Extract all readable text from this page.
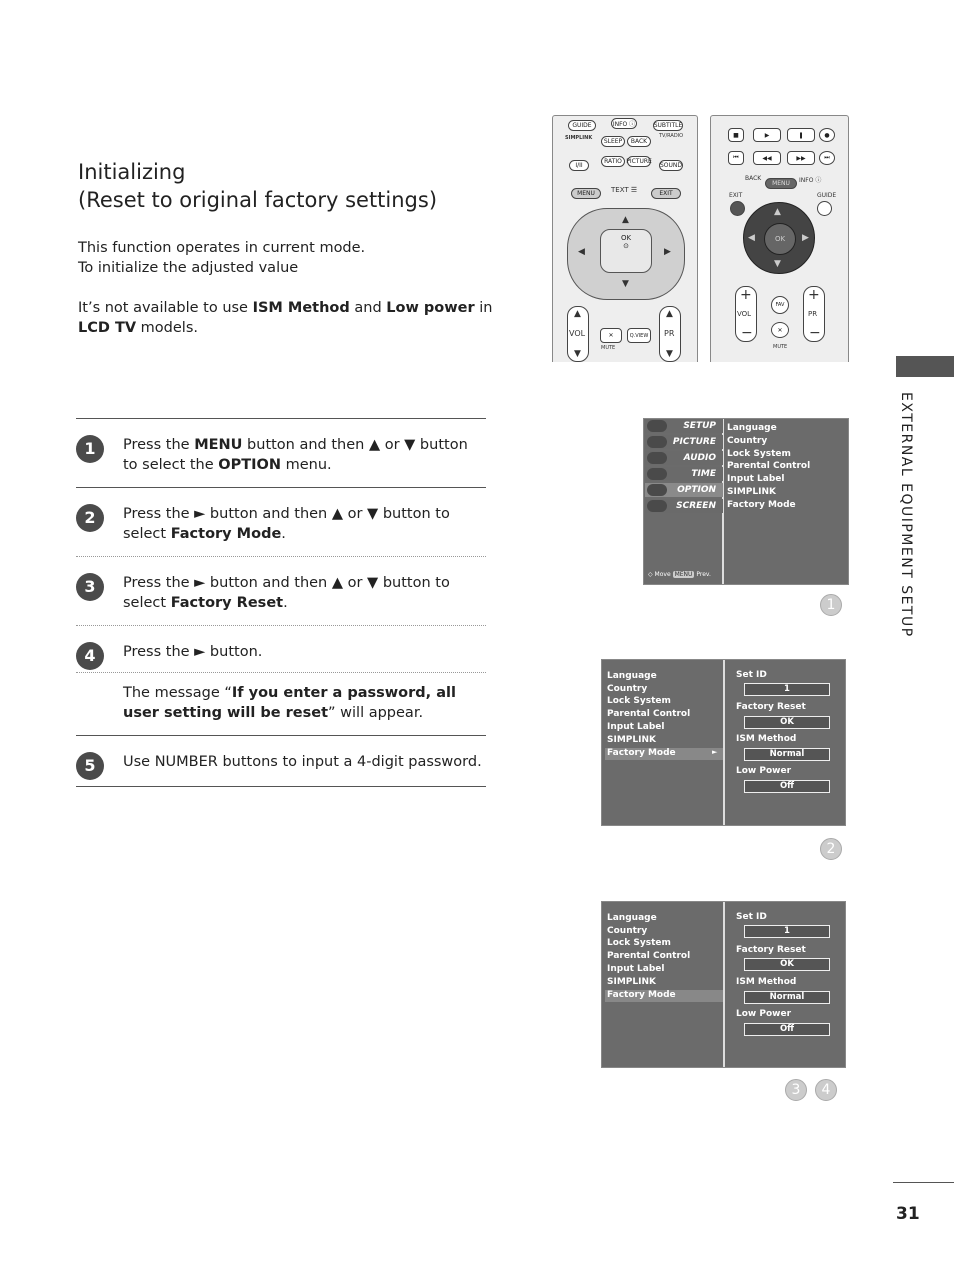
Initializing
(Reset to original factory settings)
This function operates in current mode.
To initialize the adjusted value
It’s not available to use ISM Method and Low power in
LCD TV models.
1	Press the MENU button and then ▲ or ▼ button to select the OPTION menu.
2	Press the ► button and then ▲ or ▼ button to select Factory Mode.
3	Press the ► button and then ▲ or ▼ button to select Factory Reset.
4	Press the ► button.
The message “If you enter a password, all user setting will be reset” will appear.
5	Use NUMBER buttons to input a 4-digit password.
GUIDE	INFO ⓘ	SUBTITLE
SIMPLINK	SLEEP	BACK
TV/RADIO
I/II
RATIO PICTURE
SOUND
MENU	TEXT ☰	EXIT
▲
▼
◀	▶
OK
⊙
▲
VOL
▼
✕
MUTE
Q.VIEW
▲
PR
▼
■	▶	❚	●
⏮	◀◀	▶▶	⏭
BACK
MENU	INFO ⓘ
EXIT	GUIDE
▲
▼
◀	▶
OK
+
VOL
−
FAV
✕
MUTE
+
PR
−
EXTERNAL EQUIPMENT SETUP
SETUP
PICTURE
AUDIO
TIME
OPTION
SCREEN
◇ Move MENU Prev.
Language
Country
Lock System
Parental Control
Input Label
SIMPLINK
Factory Mode
1
Language
Country
Lock System
Parental Control
Input Label
SIMPLINK
Factory Mode	►
Set ID
1
Factory Reset
OK
ISM Method
Normal
Low Power
Off
2
Language
Country
Lock System
Parental Control
Input Label
SIMPLINK
Factory Mode
Set ID
1
Factory Reset
OK
ISM Method
Normal
Low Power
Off
3	4
31
